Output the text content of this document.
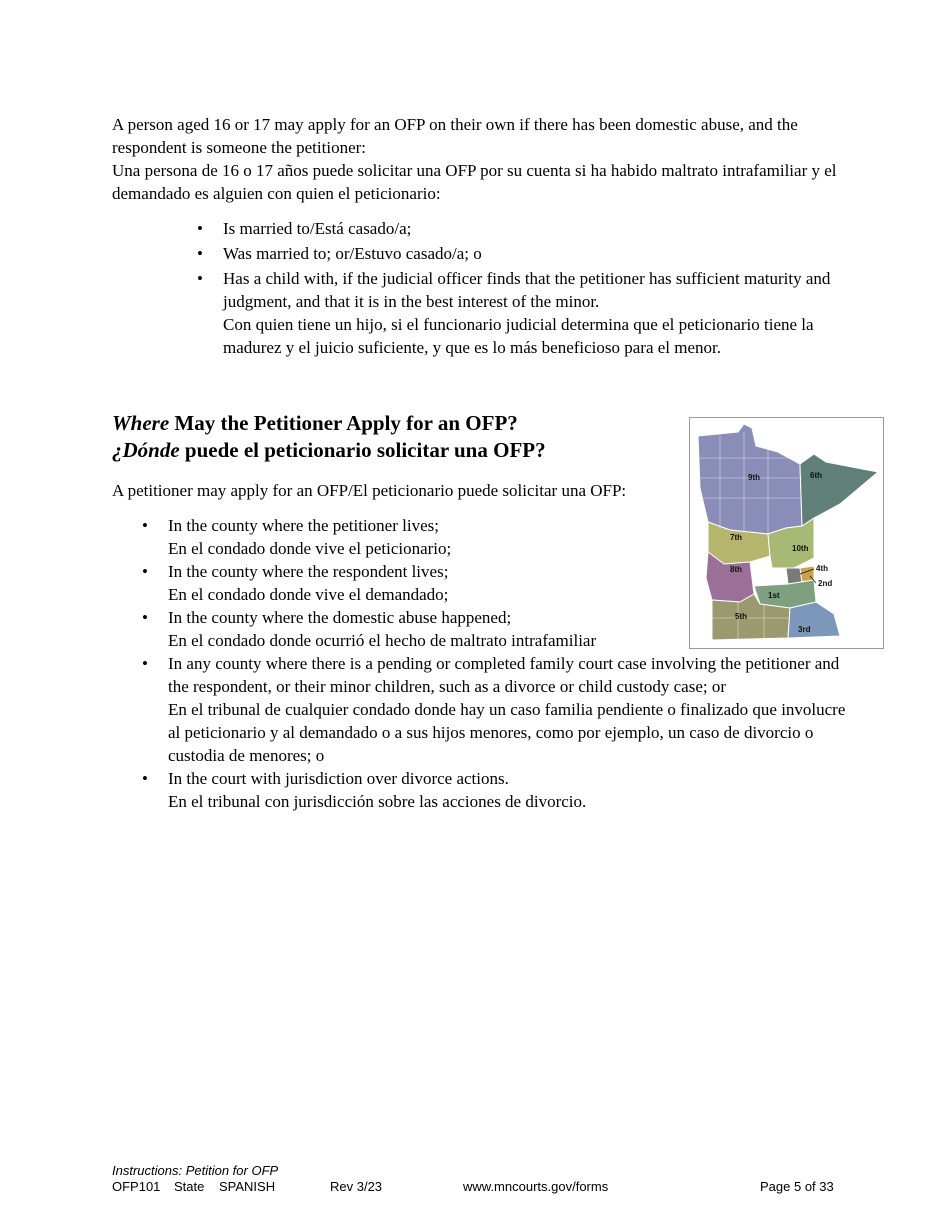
A person aged 16 or 17 may apply for an OFP on their own if there has been domestic abuse, and the respondent is someone the petitioner:

Una persona de 16 o 17 años puede solicitar una OFP por su cuenta si ha habido maltrato intrafamiliar y el demandado es alguien con quien el peticionario:

• Is married to/Está casado/a;
• Was married to; or/Estuvo casado/a; o
• Has a child with, if the judicial officer finds that the petitioner has sufficient maturity and judgment, and that it is in the best interest of the minor.
Con quien tiene un hijo, si el funcionario judicial determina que el peticionario tiene la madurez y el juicio suficiente, y que es lo más beneficioso para el menor.
Where May the Petitioner Apply for an OFP?
¿Dónde puede el peticionario solicitar una OFP?

A petitioner may apply for an OFP/El peticionario puede solicitar una OFP:

• In the county where the petitioner lives;
En el condado donde vive el peticionario;
• In the county where the respondent lives;
En el condado donde vive el demandado;
• In the county where the domestic abuse happened;
En el condado donde ocurrió el hecho de maltrato intrafamiliar
• In any county where there is a pending or completed family court case involving the petitioner and the respondent, or their minor children, such as a divorce or child custody case; or
En el tribunal de cualquier condado donde hay un caso familia pendiente o finalizado que involucre al peticionario y al demandado o a sus hijos menores, como por ejemplo, un caso de divorcio o custodia de menores; o
• In the court with jurisdiction over divorce actions.
En el tribunal con jurisdicción sobre las acciones de divorcio.
9th	6th
7th
10th
8th	4th
2nd
1st
5th
3rd
Instructions: Petition for OFP
OFP101 State SPANISH	Rev 3/23	www.mncourts.gov/forms	Page 5 of 33
